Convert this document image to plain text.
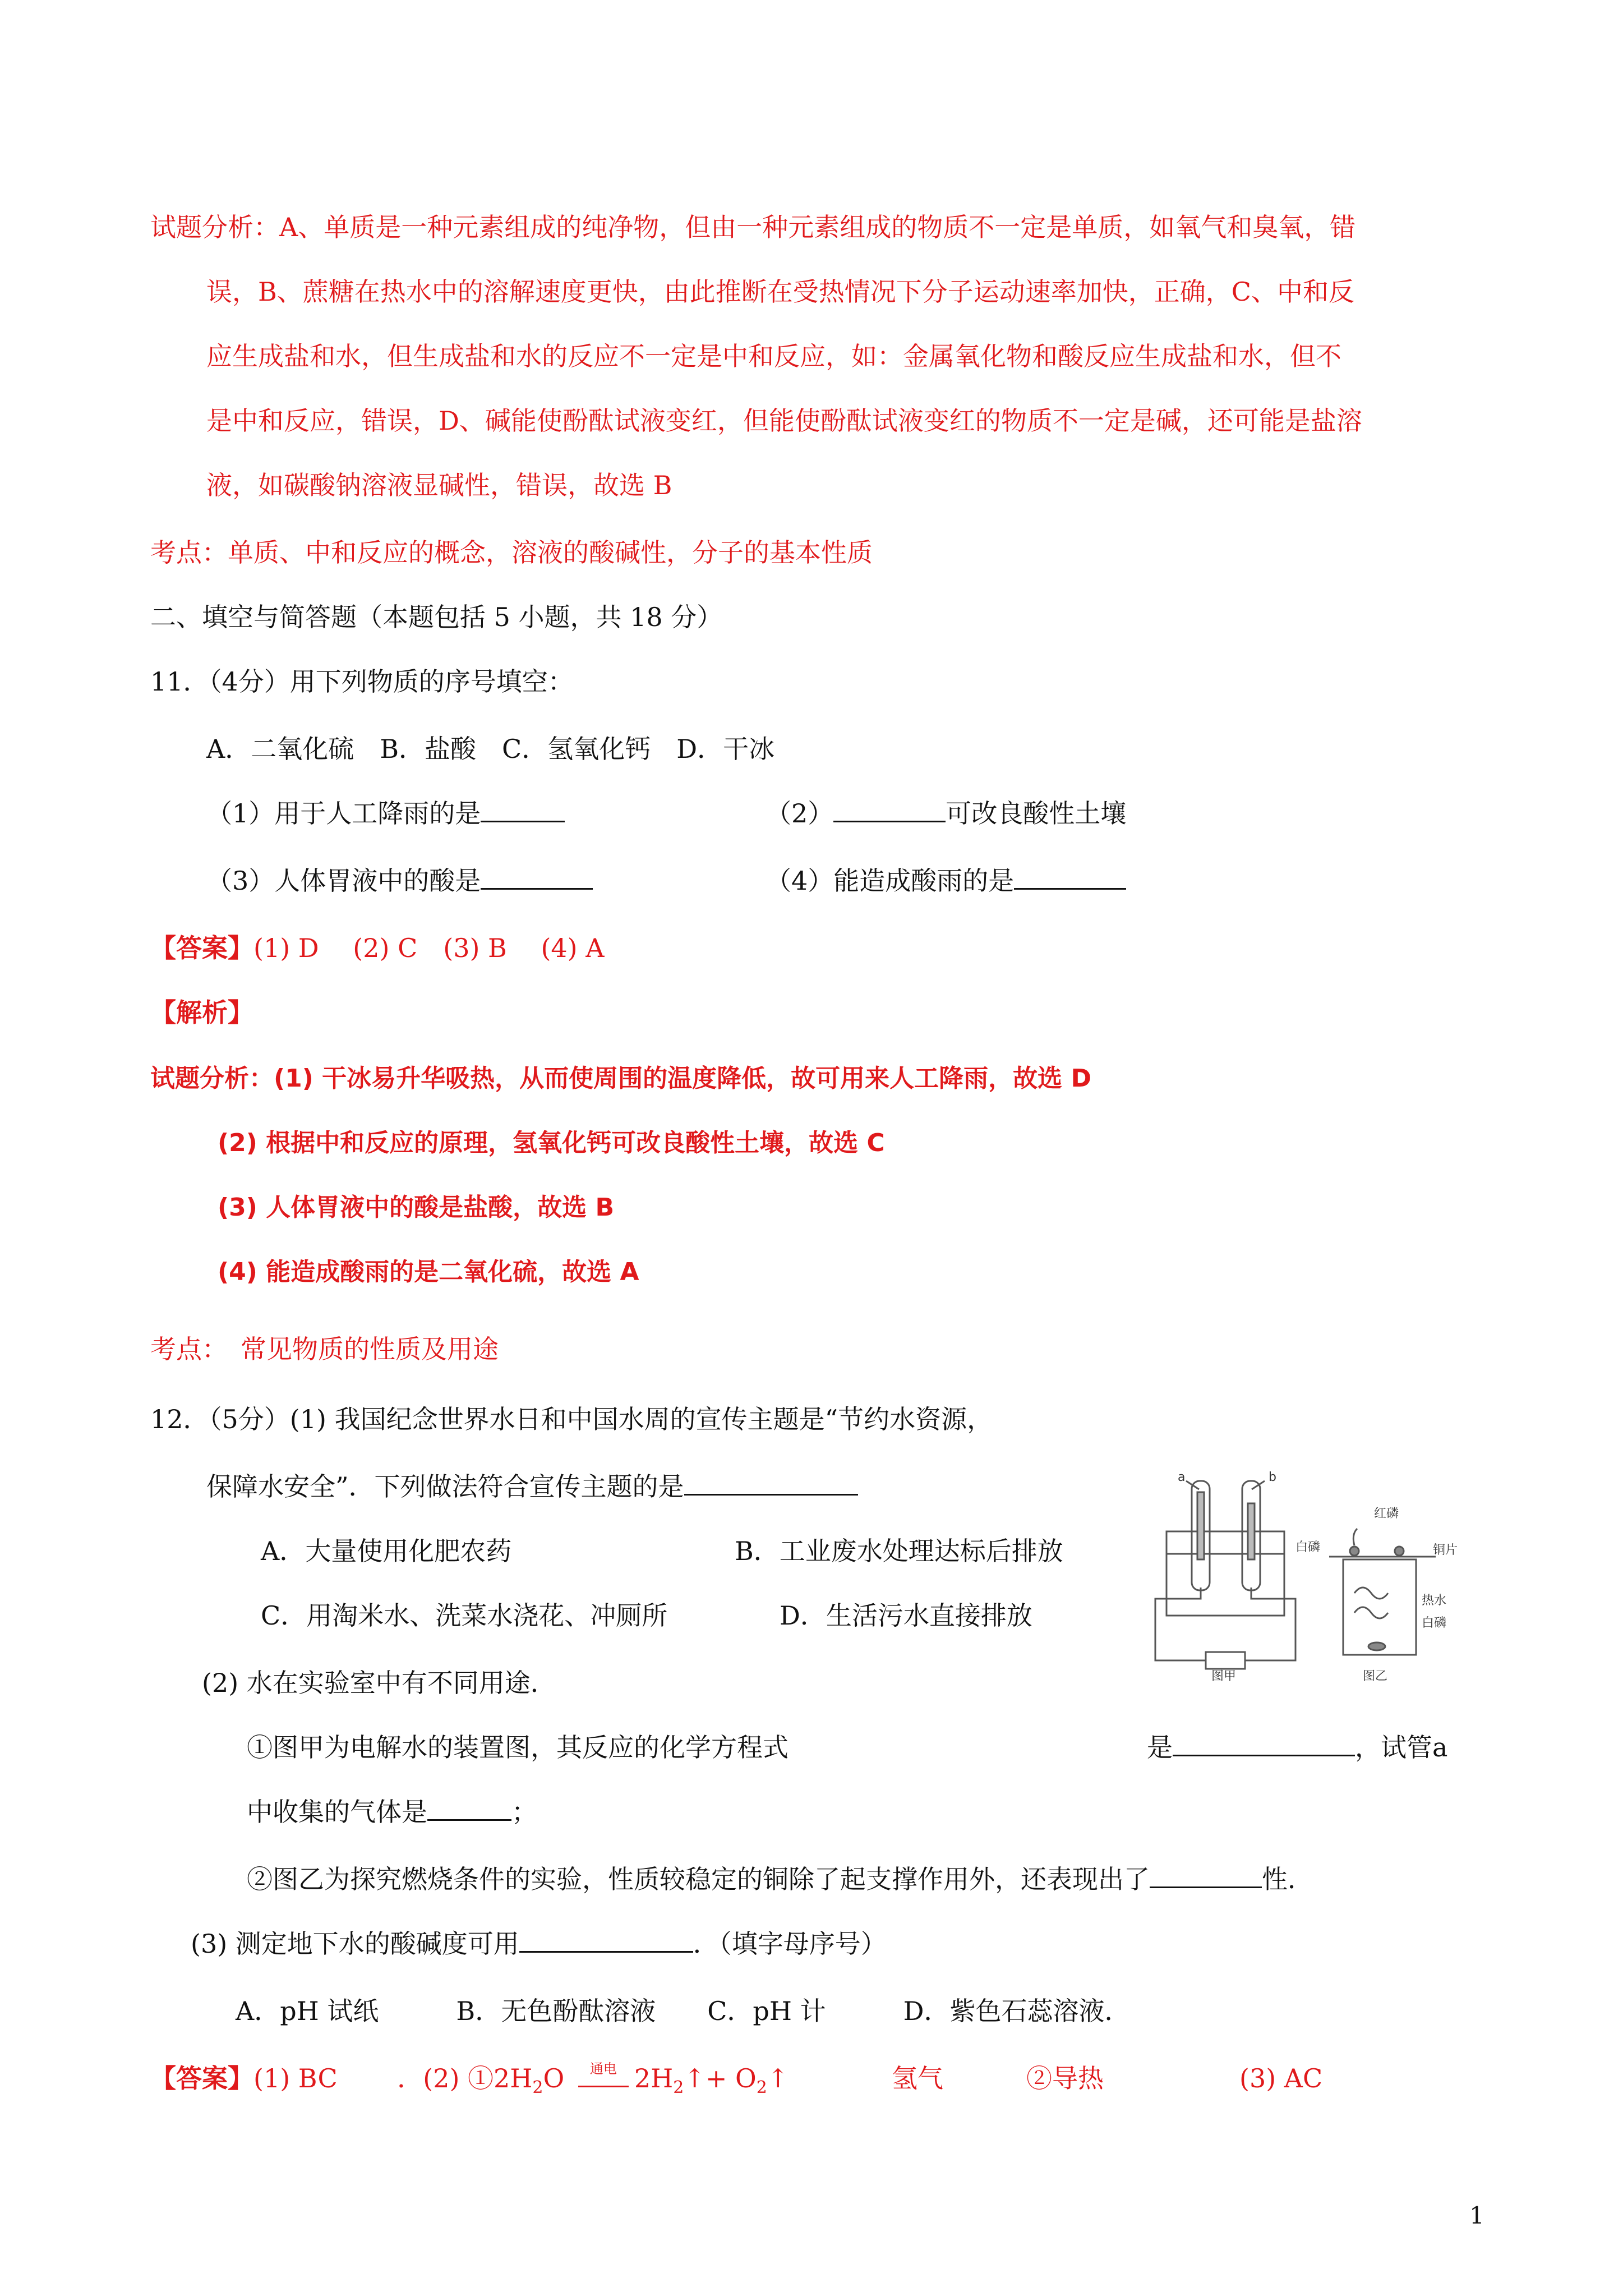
试题分析：A、单质是一种元素组成的纯净物，但由一种元素组成的物质不一定是单质，如氧气和臭氧，错
误，B、蔗糖在热水中的溶解速度更快，由此推断在受热情况下分子运动速率加快，正确，C、中和反
应生成盐和水，但生成盐和水的反应不一定是中和反应，如：金属氧化物和酸反应生成盐和水，但不
是中和反应，错误，D、碱能使酚酞试液变红，但能使酚酞试液变红的物质不一定是碱，还可能是盐溶
液，如碳酸钠溶液显碱性，错误，故选 B
考点：单质、中和反应的概念，溶液的酸碱性，分子的基本性质
二、填空与简答题（本题包括 5 小题，共 18 分）
11．（4分）用下列物质的序号填空：
A．二氧化硫　B．盐酸　C．氢氧化钙　D．干冰
（1）用于人工降雨的是	（2）	可改良酸性土壤
（3）人体胃液中的酸是	（4）能造成酸雨的是
【答案】(1) D　 (2) C　(3) B　 (4) A
【解析】
试题分析：(1) 干冰易升华吸热，从而使周围的温度降低，故可用来人工降雨，故选 D
(2) 根据中和反应的原理，氢氧化钙可改良酸性土壤，故选 C
(3) 人体胃液中的酸是盐酸，故选 B
(4) 能造成酸雨的是二氧化硫，故选 A
考点：　常见物质的性质及用途
12．（5分）(1) 我国纪念世界水日和中国水周的宣传主题是“节约水资源，
保障水安全”．下列做法符合宣传主题的是
A．大量使用化肥农药	B．工业废水处理达标后排放
C．用淘米水、洗菜水浇花、冲厕所	D．生活污水直接排放
a	b
图甲
红磷
白磷	铜片
热水
白磷
图乙
(2) 水在实验室中有不同用途．
①图甲为电解水的装置图，其反应的化学方程式	是	，试管a
中收集的气体是	；
②图乙为探究燃烧条件的实验，性质较稳定的铜除了起支撑作用外，还表现出了	性．
(3) 测定地下水的酸碱度可用	．（填字母序号）
A．pH 试纸　　　B．无色酚酞溶液　　C．pH 计　　　D．紫色石蕊溶液．
【答案】(1) BC　　 ．(2) $①2H_2O$	通电 $2H_2↑+$ $O_2↑$	氢气	②导热	(3) AC
1
